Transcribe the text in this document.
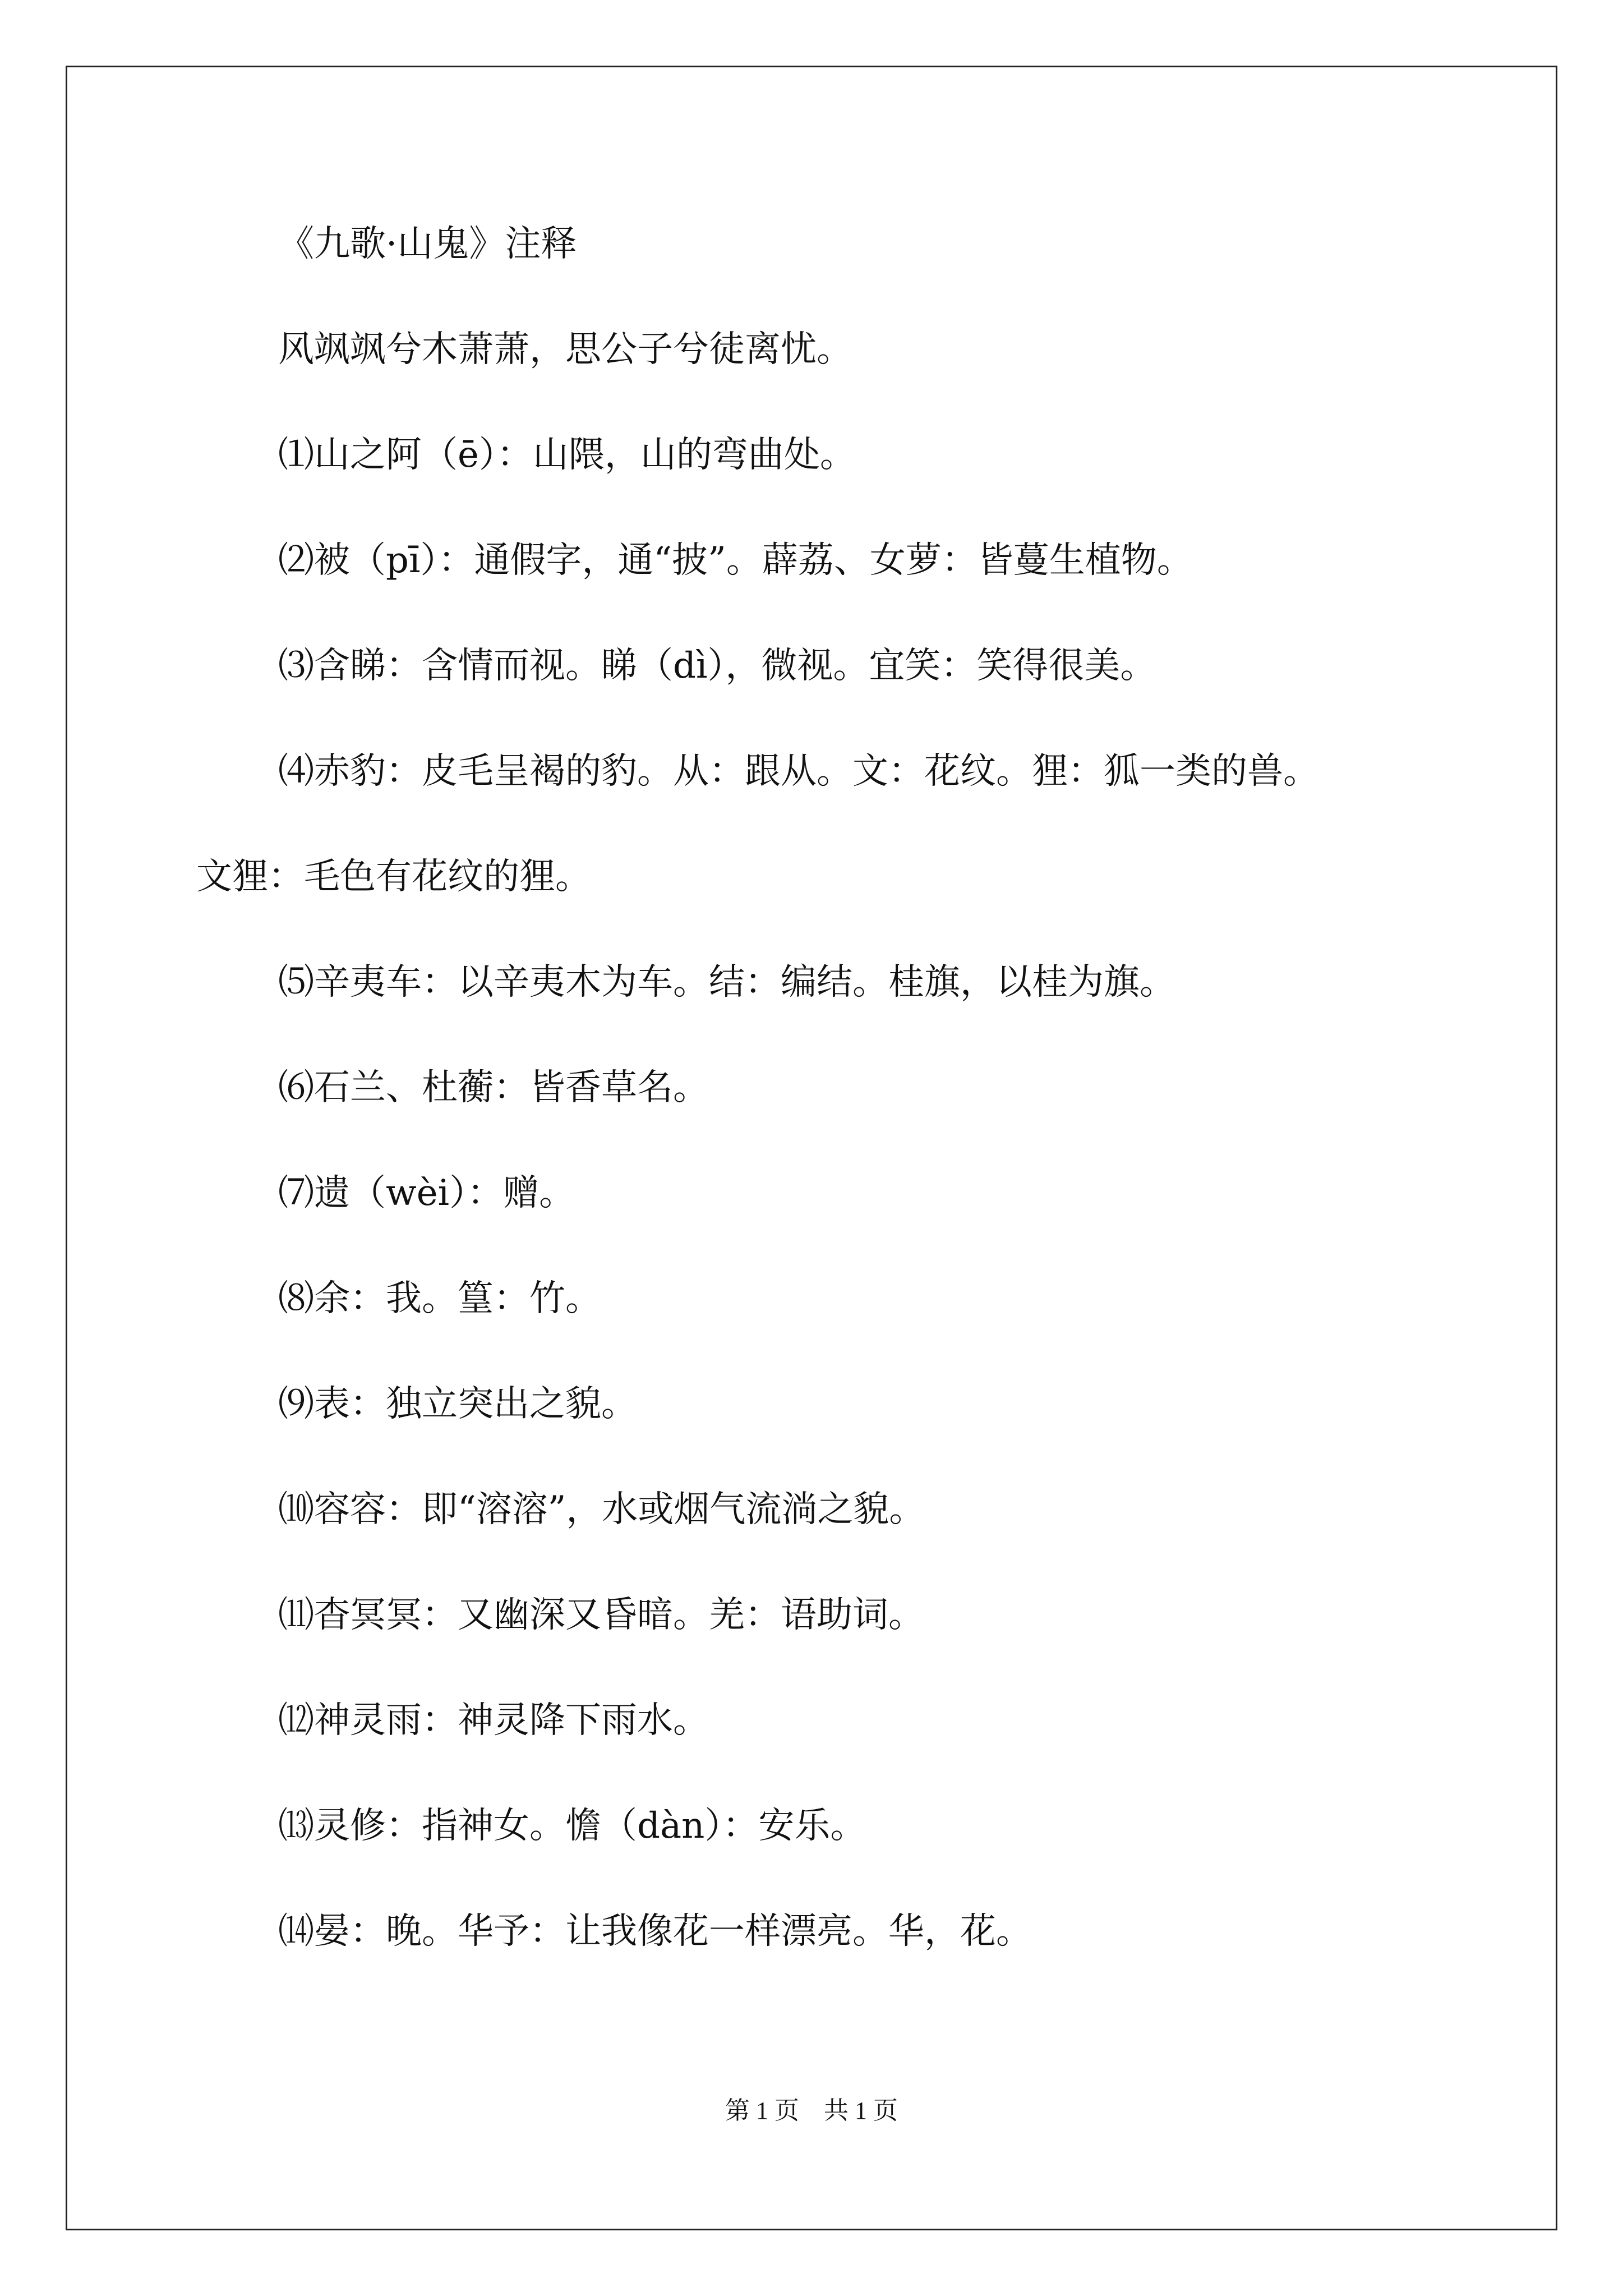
《九歌·山鬼》注释

风飒飒兮木萧萧，思公子兮徒离忧。

⑴山之阿（ē）：山隈，山的弯曲处。

⑵被（pī）：通假字，通“披”。薜荔、女萝：皆蔓生植物。

⑶含睇：含情而视。睇（dì），微视。宜笑：笑得很美。

⑷赤豹：皮毛呈褐的豹。从：跟从。文：花纹。狸：狐一类的兽。

文狸：毛色有花纹的狸。

⑸辛夷车：以辛夷木为车。结：编结。桂旗，以桂为旗。

⑹石兰、杜蘅：皆香草名。

⑺遗（wèi）：赠。

⑻余：我。篁：竹。

⑼表：独立突出之貌。

⑽容容：即“溶溶”，水或烟气流淌之貌。

⑾杳冥冥：又幽深又昏暗。羌：语助词。

⑿神灵雨：神灵降下雨水。

⒀灵修：指神女。憺（dàn）：安乐。

⒁晏：晚。华予：让我像花一样漂亮。华，花。

第 1 页　共 1 页
